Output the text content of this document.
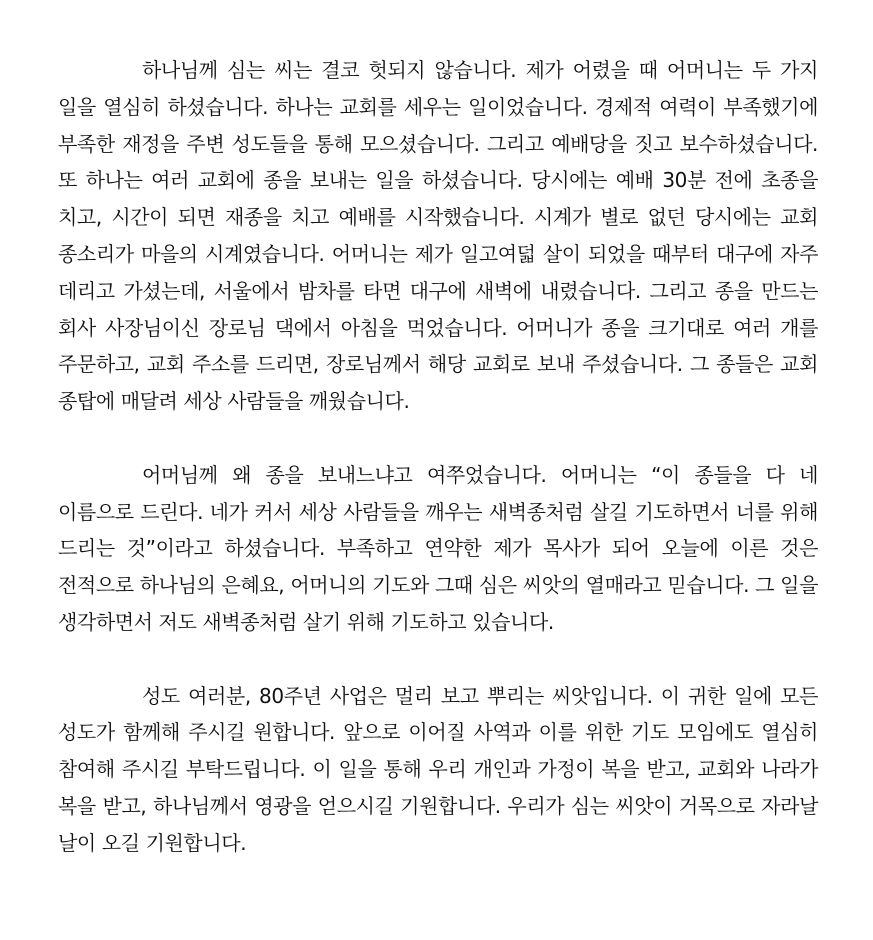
하나님께 심는 씨는 결코 헛되지 않습니다. 제가 어렸을 때 어머니는 두 가지 일을 열심히 하셨습니다. 하나는 교회를 세우는 일이었습니다. 경제적 여력이 부족했기에 부족한 재정을 주변 성도들을 통해 모으셨습니다. 그리고 예배당을 짓고 보수하셨습니다. 또 하나는 여러 교회에 종을 보내는 일을 하셨습니다. 당시에는 예배 30분 전에 초종을 치고, 시간이 되면 재종을 치고 예배를 시작했습니다. 시계가 별로 없던 당시에는 교회 종소리가 마을의 시계였습니다. 어머니는 제가 일고여덟 살이 되었을 때부터 대구에 자주 데리고 가셨는데, 서울에서 밤차를 타면 대구에 새벽에 내렸습니다. 그리고 종을 만드는 회사 사장님이신 장로님 댁에서 아침을 먹었습니다. 어머니가 종을 크기대로 여러 개를 주문하고, 교회 주소를 드리면, 장로님께서 해당 교회로 보내 주셨습니다. 그 종들은 교회 종탑에 매달려 세상 사람들을 깨웠습니다.

어머님께 왜 종을 보내느냐고 여쭈었습니다. 어머니는 “이 종들을 다 네 이름으로 드린다. 네가 커서 세상 사람들을 깨우는 새벽종처럼 살길 기도하면서 너를 위해 드리는 것”이라고 하셨습니다. 부족하고 연약한 제가 목사가 되어 오늘에 이른 것은 전적으로 하나님의 은혜요, 어머니의 기도와 그때 심은 씨앗의 열매라고 믿습니다. 그 일을 생각하면서 저도 새벽종처럼 살기 위해 기도하고 있습니다.

성도 여러분, 80주년 사업은 멀리 보고 뿌리는 씨앗입니다. 이 귀한 일에 모든 성도가 함께해 주시길 원합니다. 앞으로 이어질 사역과 이를 위한 기도 모임에도 열심히 참여해 주시길 부탁드립니다. 이 일을 통해 우리 개인과 가정이 복을 받고, 교회와 나라가 복을 받고, 하나님께서 영광을 얻으시길 기원합니다. 우리가 심는 씨앗이 거목으로 자라날 날이 오길 기원합니다.
